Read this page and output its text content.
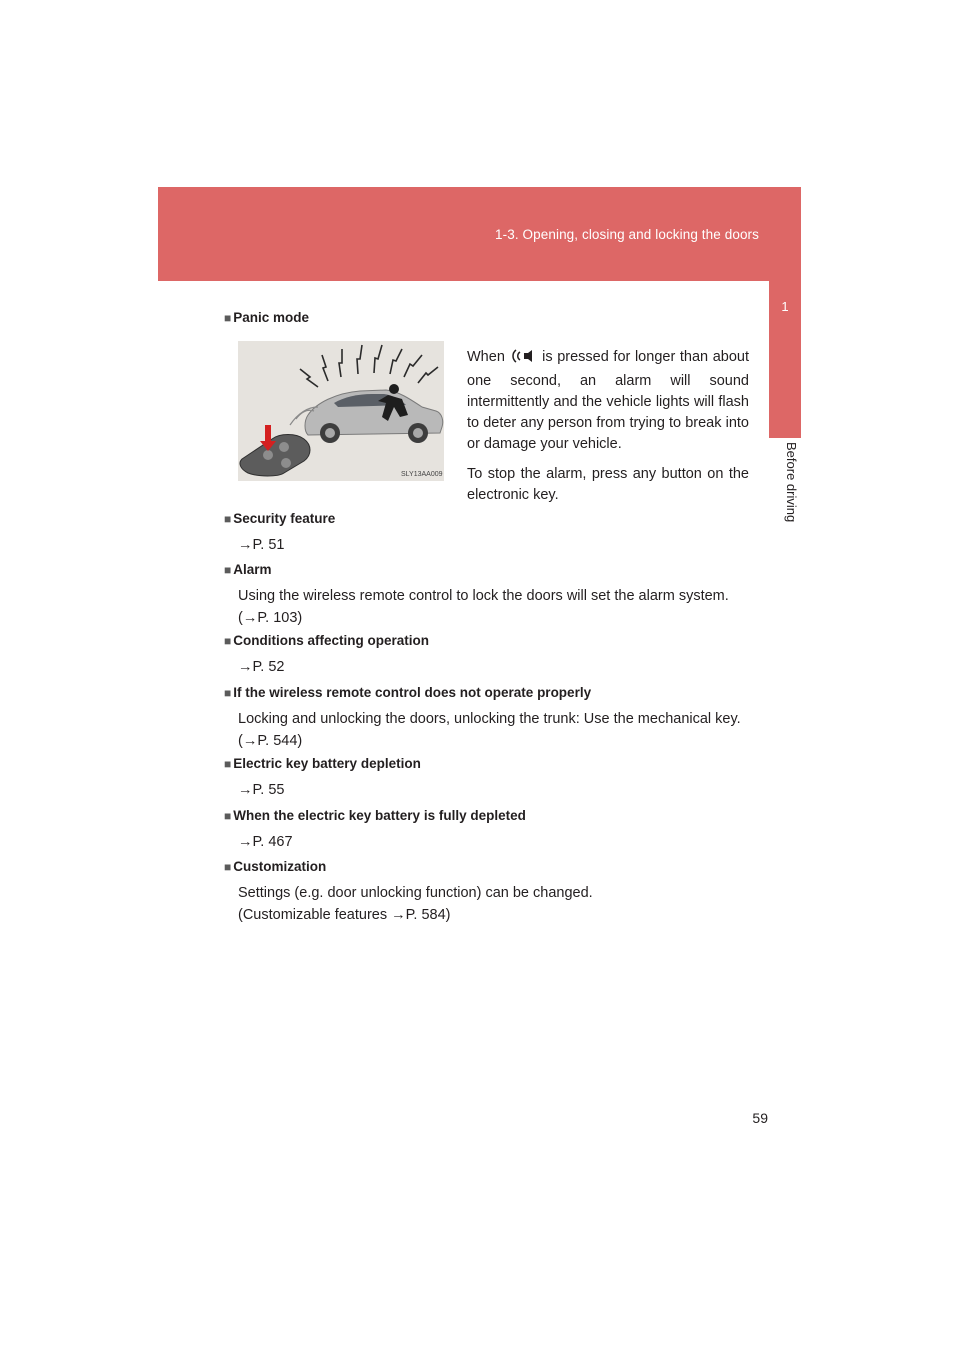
1-3. Opening, closing and locking the doors
1
Before driving
■ Panic mode
SLY13AA009

When	is pressed for longer than about one second, an alarm will sound intermittently and the vehicle lights will flash to deter any person from trying to break into or damage your vehicle.

To stop the alarm, press any button on the electronic key.

■ Security feature
→P. 51
■ Alarm
Using the wireless remote control to lock the doors will set the alarm system.
(→P. 103)
■ Conditions affecting operation
→P. 52
■ If the wireless remote control does not operate properly
Locking and unlocking the doors, unlocking the trunk: Use the mechanical key.
(→P. 544)
■ Electric key battery depletion
→P. 55
■ When the electric key battery is fully depleted
→P. 467
■ Customization
Settings (e.g. door unlocking function) can be changed.
(Customizable features →P. 584)
59
